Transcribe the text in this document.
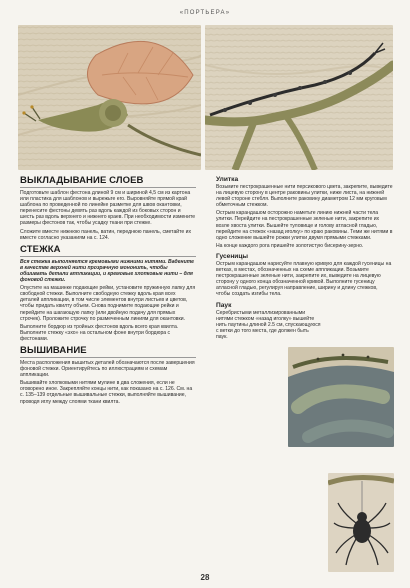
«ПОРТЬЕРА»
ВЫКЛАДЫВАНИЕ СЛОЕВ

Подготовьте шаблон фестона длиной 9 см и шириной 4,5 см из картона или пластика для шаблонов и вырежьте его. Выровняйте прямой край шаблона по проведенной по линейке разметке для швов окантовки, перенесите фестоны девять раз вдоль каждой из боковых сторон и шесть раз вдоль верхнего и нижнего краев. При необходимости измените размеры фестонов так, чтобы усадку ткани при стежке.

Сложите вместе нижнюю панель, ватин, переднюю панель, сметайте их вместе согласно указаниям на с. 124.

СТЕЖКА

Вся стежка выполняется кремовыми нижними нитями. Вадените в качестве верхней нити прозрачную мононить, чтобы обшивать детали аппликации, и кремовые хлопковые нити – для фоновой стежки.

Опустите на машинке подающие рейки, установите пружинную лапку для свободной стежки. Выполните свободную стежку вдоль края всех деталей аппликации, в том числе элементов внутри листьев и цветов, чтобы придать квилту объем. Снова поднимите подающие рейки и перейдите на шагающую лапку (или двойную подачу для прямых строчек). Проложите строчку по размеченным линиям для окантовки.

Выполните бордюр из тройных фестонов вдоль всего края квилта. Выполните стежку «эхо» на остальном фоне внутри бордюра с фестонами.

ВЫШИВАНИЕ

Места расположения вышитых деталей обозначаются после завершения фоновой стежки. Ориентируйтесь по иллюстрациям и схемам аппликации.

Вышивайте хлопковыми нитями мулине в два сложения, если не оговорено иное. Закрепляйте концы нити, как показано на с. 126. См. на с. 135–139 отдельные вышивальные стежки, выполняйте вышивание, проводя иглу между слоями ткани квилта.

Улитка

Возьмите пестрокрашенные нити персикового цвета, закрепите, выведите на лицевую сторону в центре раковины улитки, ниже листа, на нижней левой стороне стебля. Выполните раковину диаметром 12 мм круговым обметочным стежком.

Острым карандашом осторожно наметьте линию нижней части тела улитки. Перейдите на пестрокрашенные зеленые нити, закрепите их возле хвоста улитки. Вышейте туловище и голову атласной гладью, перейдите на стежок «назад иголку» по краю раковины. Теми же нитями в одно сложение вышейте рожки улитки двумя прямыми стежками.

На конце каждого рога пришейте золотистую бисерину-зерно.

Гусеницы

Острым карандашом нарисуйте плавную кривую для каждой гусеницы на ветках, в местах, обозначенных на схеме аппликации. Возьмите пестрокрашенные зеленые нити, закрепите их, выведите на лицевую сторону у одного конца обозначенной кривой. Выполните гусеницу атласной гладью, регулируя направление, ширину и длину стежков, чтобы создать изгибы тела.

Паук

Серебристыми металлизированными нитями стежком «назад иголку» вышейте нить паутины длиной 2.5 см, спускающуюся с ветки до того места, где должен быть паук.

28
